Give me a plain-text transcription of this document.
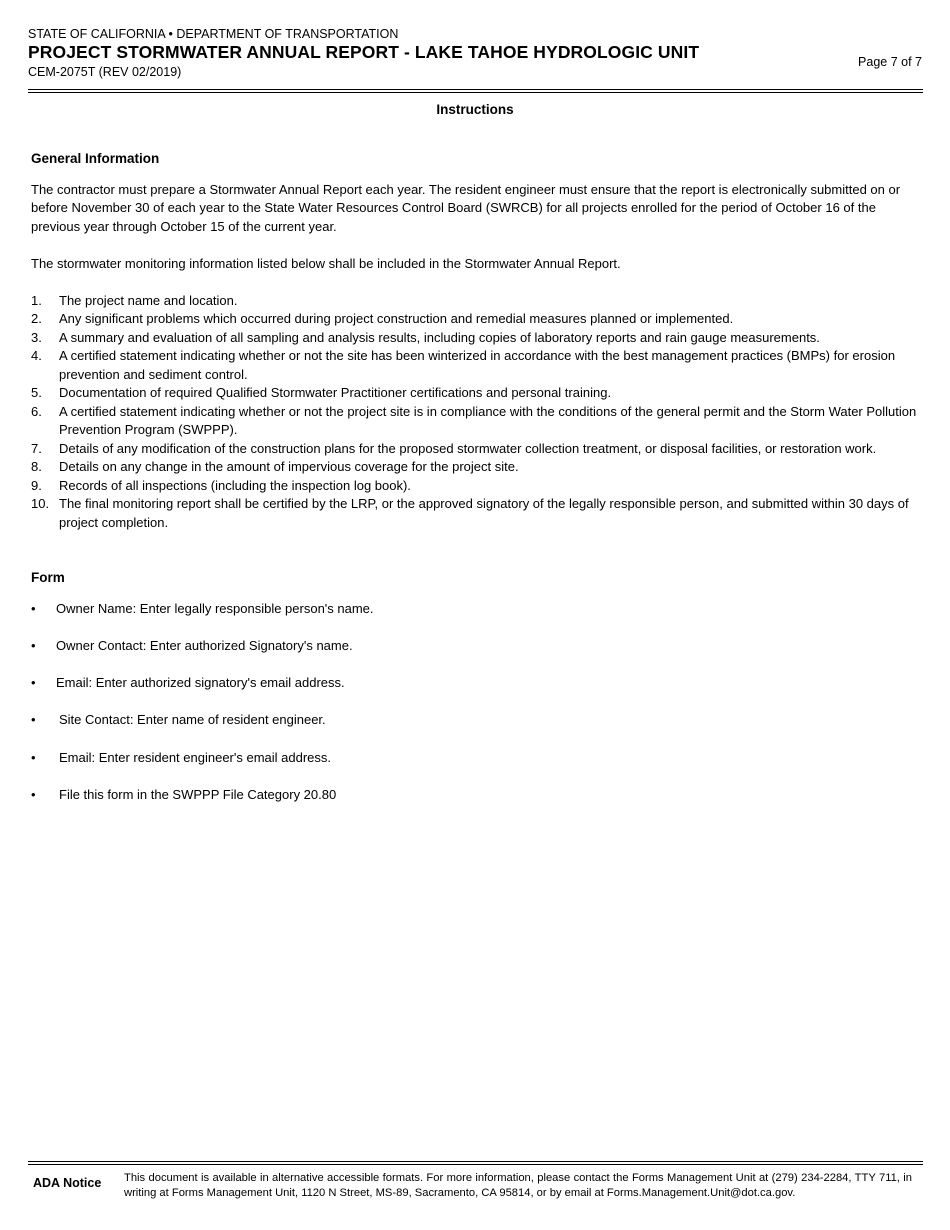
STATE OF CALIFORNIA • DEPARTMENT OF TRANSPORTATION
PROJECT STORMWATER ANNUAL REPORT - LAKE TAHOE HYDROLOGIC UNIT
CEM-2075T (REV 02/2019)
Page 7 of 7
Instructions

General Information

The contractor must prepare a Stormwater Annual Report each year. The resident engineer must ensure that the report is electronically submitted on or before November 30 of each year to the State Water Resources Control Board (SWRCB) for all projects enrolled for the period of October 16 of the previous year through October 15 of the current year.

The stormwater monitoring information listed below shall be included in the Stormwater Annual Report.

1. The project name and location.
2. Any significant problems which occurred during project construction and remedial measures planned or implemented.
3. A summary and evaluation of all sampling and analysis results, including copies of laboratory reports and rain gauge measurements.
4. A certified statement indicating whether or not the site has been winterized in accordance with the best management practices (BMPs) for erosion prevention and sediment control.
5. Documentation of required Qualified Stormwater Practitioner certifications and personal training.
6. A certified statement indicating whether or not the project site is in compliance with the conditions of the general permit and the Storm Water Pollution Prevention Program (SWPPP).
7. Details of any modification of the construction plans for the proposed stormwater collection treatment, or disposal facilities, or restoration work.
8. Details on any change in the amount of impervious coverage for the project site.
9. Records of all inspections (including the inspection log book).
10. The final monitoring report shall be certified by the LRP, or the approved signatory of the legally responsible person, and submitted within 30 days of project completion.

Form

• Owner Name: Enter legally responsible person's name.
• Owner Contact: Enter authorized Signatory's name.
• Email: Enter authorized signatory's email address.
• Site Contact: Enter name of resident engineer.
• Email: Enter resident engineer's email address.
• File this form in the SWPPP File Category 20.80
ADA Notice This document is available in alternative accessible formats. For more information, please contact the Forms Management Unit at (279) 234-2284, TTY 711, in writing at Forms Management Unit, 1120 N Street, MS-89, Sacramento, CA 95814, or by email at Forms.Management.Unit@dot.ca.gov.
